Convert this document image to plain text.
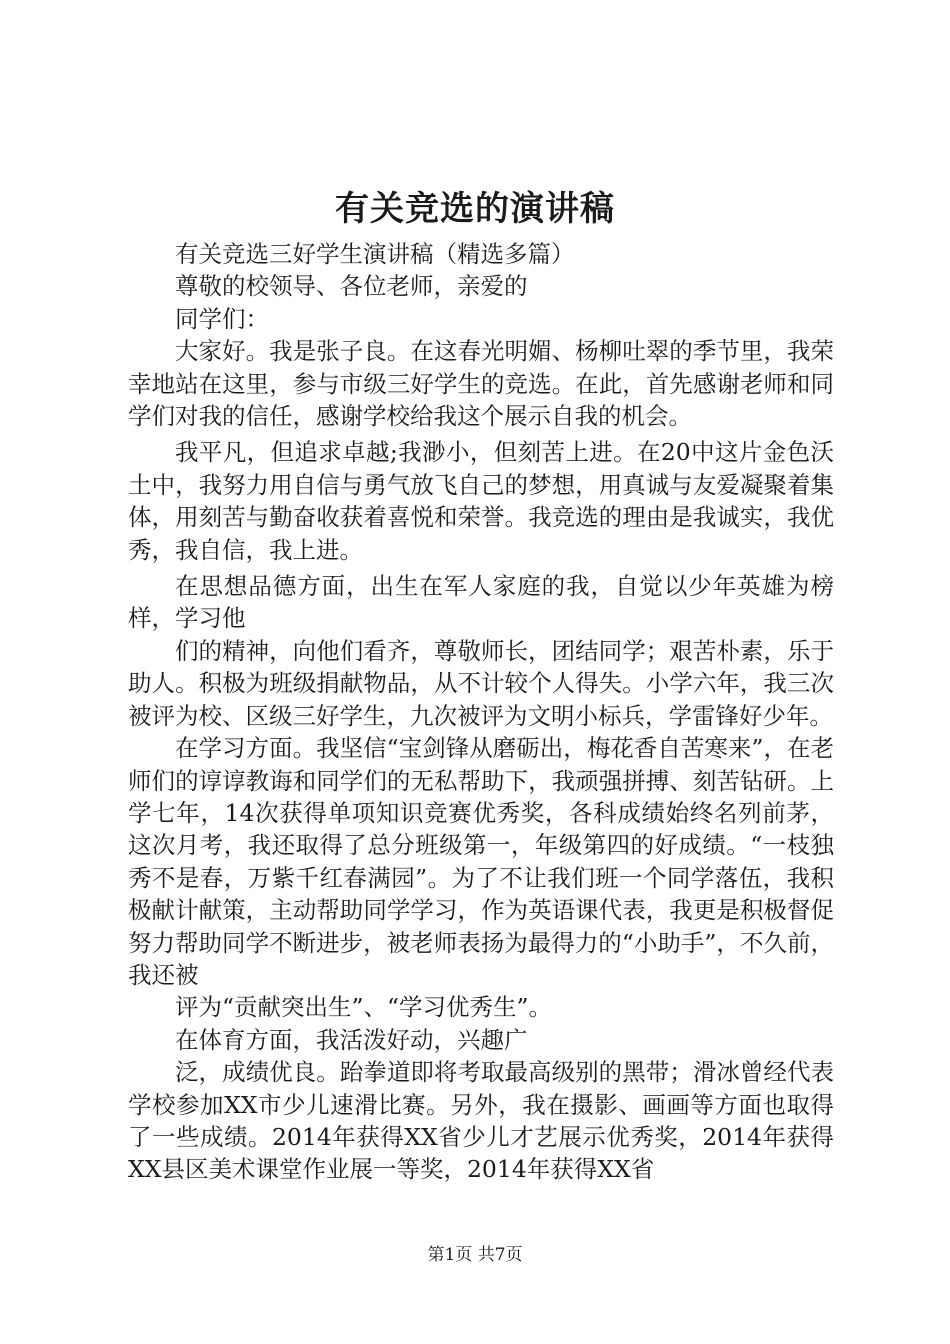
有关竞选的演讲稿

有关竞选三好学生演讲稿（精选多篇）

尊敬的校领导、各位老师，亲爱的

同学们：

大家好。我是张子良。在这春光明媚、杨柳吐翠的季节里，我荣幸地站在这里，参与市级三好学生的竞选。在此，首先感谢老师和同学们对我的信任，感谢学校给我这个展示自我的机会。

我平凡，但追求卓越;我渺小，但刻苦上进。在20中这片金色沃土中，我努力用自信与勇气放飞自己的梦想，用真诚与友爱凝聚着集体，用刻苦与勤奋收获着喜悦和荣誉。我竞选的理由是我诚实，我优秀，我自信，我上进。

在思想品德方面，出生在军人家庭的我，自觉以少年英雄为榜样，学习他

们的精神，向他们看齐，尊敬师长，团结同学；艰苦朴素，乐于助人。积极为班级捐献物品，从不计较个人得失。小学六年，我三次被评为校、区级三好学生，九次被评为文明小标兵，学雷锋好少年。

在学习方面。我坚信“宝剑锋从磨砺出，梅花香自苦寒来”，在老师们的谆谆教诲和同学们的无私帮助下，我顽强拼搏、刻苦钻研。上学七年，14次获得单项知识竞赛优秀奖，各科成绩始终名列前茅，这次月考，我还取得了总分班级第一，年级第四的好成绩。“一枝独秀不是春，万紫千红春满园”。为了不让我们班一个同学落伍，我积极献计献策，主动帮助同学学习，作为英语课代表，我更是积极督促努力帮助同学不断进步，被老师表扬为最得力的“小助手”，不久前，我还被

评为“贡献突出生”、“学习优秀生”。

在体育方面，我活泼好动，兴趣广

泛，成绩优良。跆拳道即将考取最高级别的黑带；滑冰曾经代表学校参加XX市少儿速滑比赛。另外，我在摄影、画画等方面也取得了一些成绩。2014年获得XX省少儿才艺展示优秀奖，2014年获得XX县区美术课堂作业展一等奖，2014年获得XX省

第1页 共7页
